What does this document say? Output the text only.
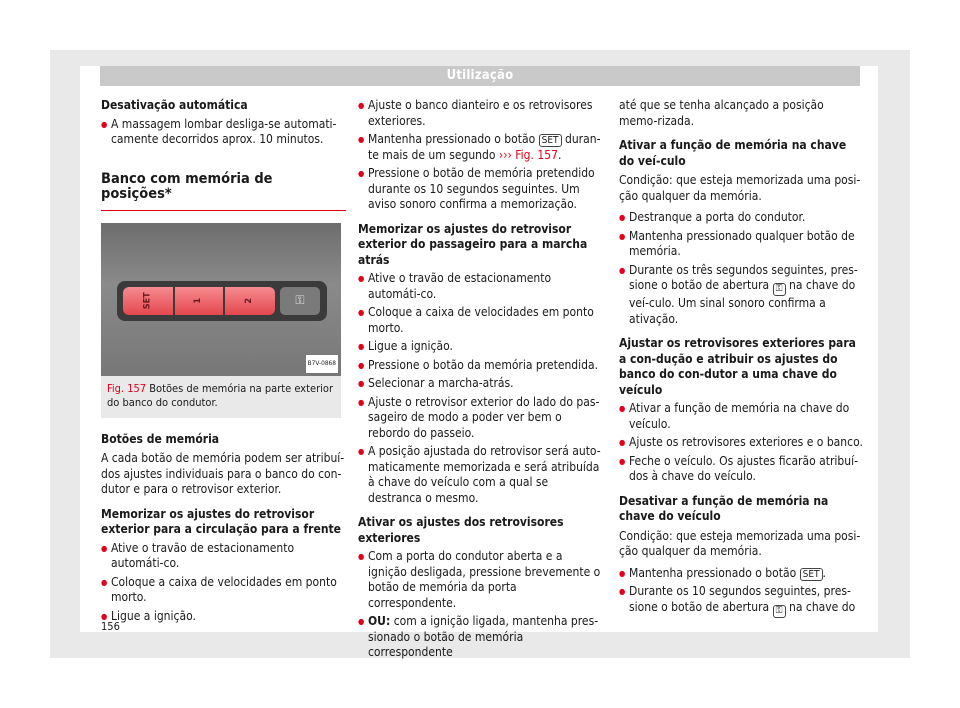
Utilização
Desativação automática
● A massagem lombar desliga-se automati-camente decorridos aprox. 10 minutos.
Banco com memória de posições*
SET	1	2	⚿
B7V-0868
Fig. 157 Botões de memória na parte exterior do banco do condutor.
Botões de memória
A cada botão de memória podem ser atribuí-dos ajustes individuais para o banco do con-dutor e para o retrovisor exterior.
Memorizar os ajustes do retrovisor exterior para a circulação para a frente
● Ative o travão de estacionamento automáti-co.
● Coloque a caixa de velocidades em ponto morto.
● Ligue a ignição.
● Ajuste o banco dianteiro e os retrovisores exteriores.
● Mantenha pressionado o botão SET duran-te mais de um segundo ››› Fig. 157.
● Pressione o botão de memória pretendido durante os 10 segundos seguintes. Um aviso sonoro confirma a memorização.
Memorizar os ajustes do retrovisor exterior do passageiro para a marcha atrás
● Ative o travão de estacionamento automáti-co.
● Coloque a caixa de velocidades em ponto morto.
● Ligue a ignição.
● Pressione o botão da memória pretendida.
● Selecionar a marcha-atrás.
● Ajuste o retrovisor exterior do lado do pas-sageiro de modo a poder ver bem o rebordo do passeio.
● A posição ajustada do retrovisor será auto-maticamente memorizada e será atribuída à chave do veículo com a qual se destranca o mesmo.
Ativar os ajustes dos retrovisores exteriores
● Com a porta do condutor aberta e a ignição desligada, pressione brevemente o botão de memória da porta correspondente.
● OU: com a ignição ligada, mantenha pres-sionado o botão de memória correspondente
até que se tenha alcançado a posição memo-rizada.
Ativar a função de memória na chave do veí-culo
Condição: que esteja memorizada uma posi-ção qualquer da memória.
● Destranque a porta do condutor.
● Mantenha pressionado qualquer botão de memória.
● Durante os três segundos seguintes, pres-sione o botão de abertura ⚿ na chave do veí-culo. Um sinal sonoro confirma a ativação.
Ajustar os retrovisores exteriores para a con-dução e atribuir os ajustes do banco do con-dutor a uma chave do veículo
● Ativar a função de memória na chave do veículo.
● Ajuste os retrovisores exteriores e o banco.
● Feche o veículo. Os ajustes ficarão atribuí-dos à chave do veículo.
Desativar a função de memória na chave do veículo
Condição: que esteja memorizada uma posi-ção qualquer da memória.
● Mantenha pressionado o botão SET .
● Durante os 10 segundos seguintes, pres-sione o botão de abertura ⚿ na chave do
156
